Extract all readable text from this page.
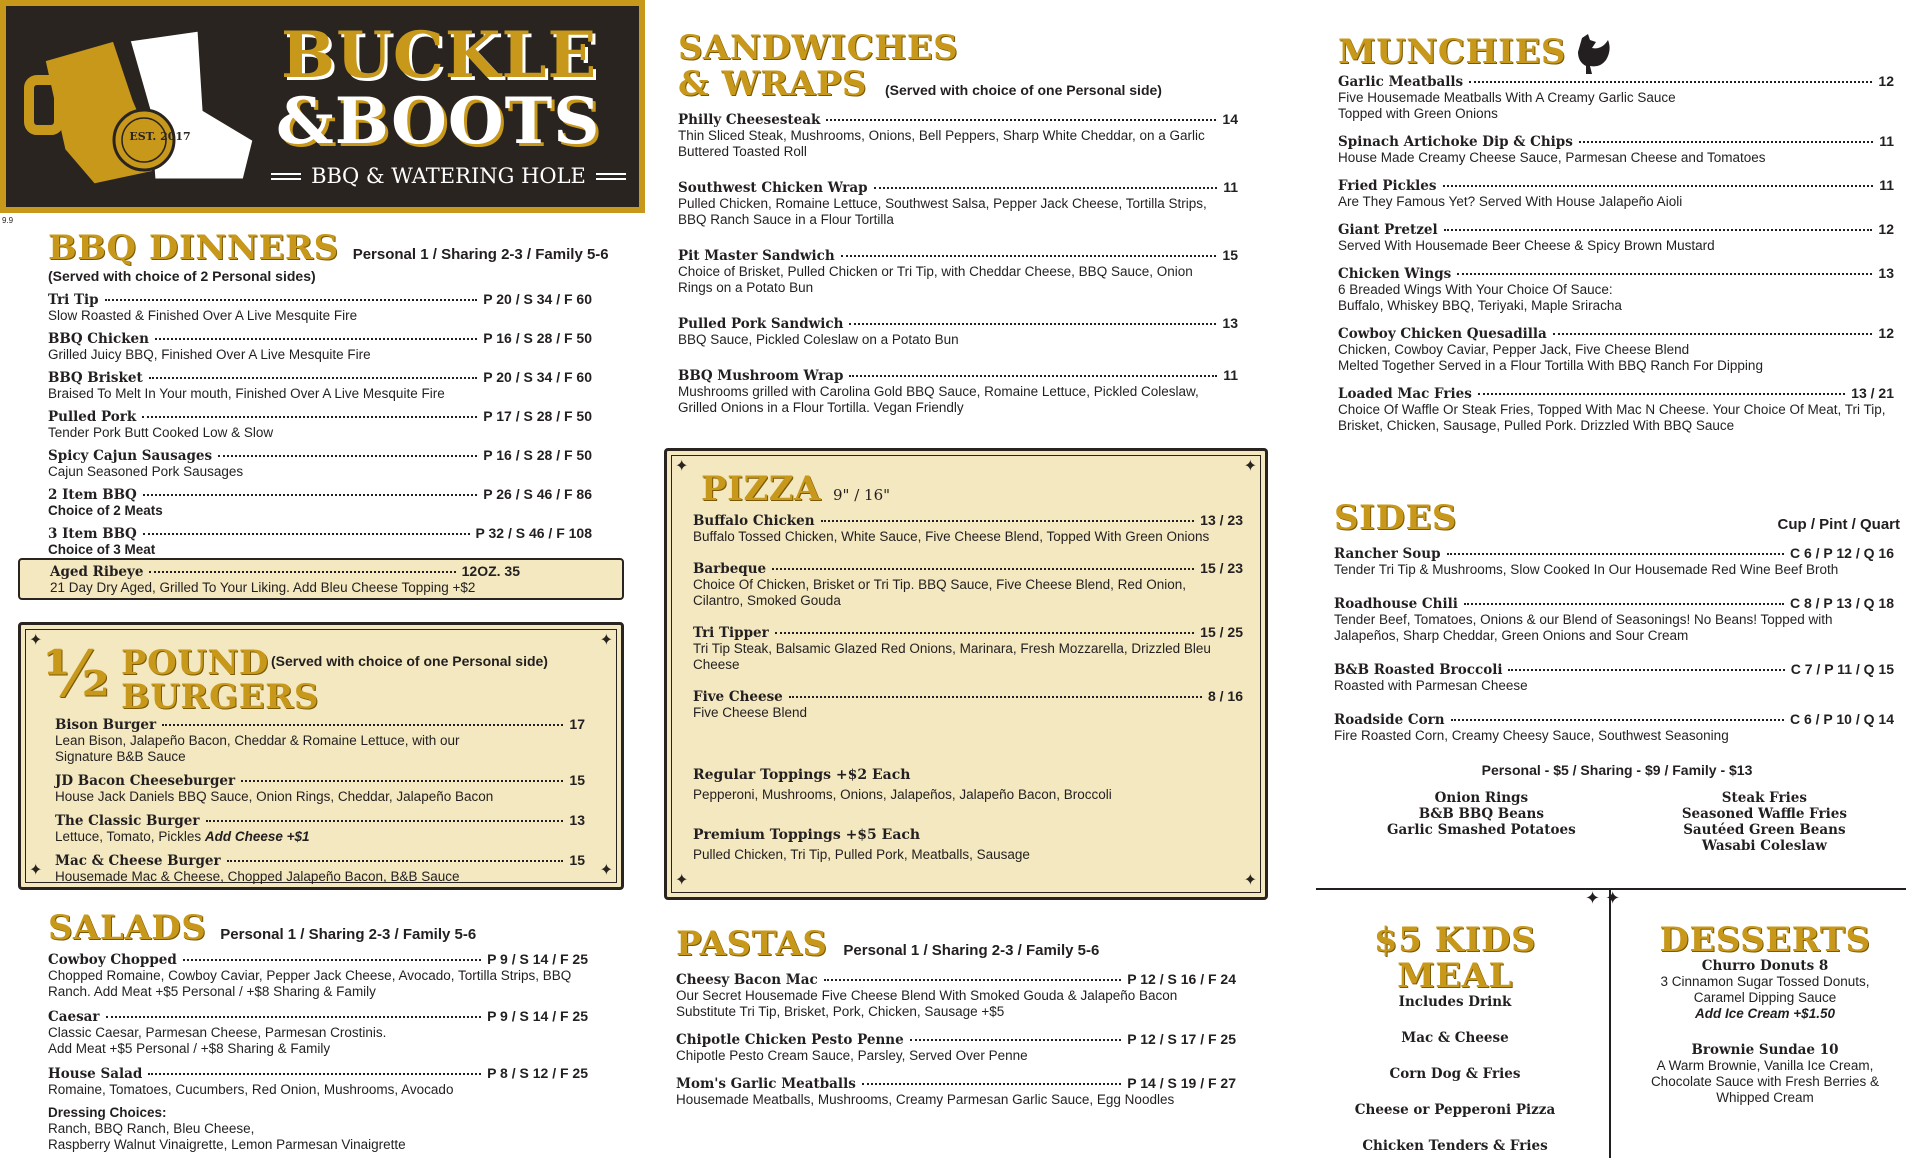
EST. 2017
BUCKLE
&BOOTS
BBQ & WATERING HOLE
9.9
BBQ DINNERS Personal 1 / Sharing 2-3 / Family 5-6
(Served with choice of 2 Personal sides)
Tri Tip	P 20 / S 34 / F 60
Slow Roasted & Finished Over A Live Mesquite Fire
BBQ Chicken	P 16 / S 28 / F 50
Grilled Juicy BBQ, Finished Over A Live Mesquite Fire
BBQ Brisket	P 20 / S 34 / F 60
Braised To Melt In Your mouth, Finished Over A Live Mesquite Fire
Pulled Pork	P 17 / S 28 / F 50
Tender Pork Butt Cooked Low & Slow
Spicy Cajun Sausages	P 16 / S 28 / F 50
Cajun Seasoned Pork Sausages
2 Item BBQ	P 26 / S 46 / F 86
Choice of 2 Meats
3 Item BBQ	P 32 / S 46 / F 108
Choice of 3 Meat
Aged Ribeye	12OZ. 35
21 Day Dry Aged, Grilled To Your Liking. Add Bleu Cheese Topping +$2
✦	✦
✦	✦
½ POUND
BURGERS
(Served with choice of one Personal side)
Bison Burger	17
Lean Bison, Jalapeño Bacon, Cheddar & Romaine Lettuce, with our Signature B&B Sauce
JD Bacon Cheeseburger	15
House Jack Daniels BBQ Sauce, Onion Rings, Cheddar, Jalapeño Bacon
The Classic Burger	13
Lettuce, Tomato, Pickles Add Cheese +$1
Mac & Cheese Burger	15
Housemade Mac & Cheese, Chopped Jalapeño Bacon, B&B Sauce
SALADS Personal 1 / Sharing 2-3 / Family 5-6
Cowboy Chopped	P 9 / S 14 / F 25
Chopped Romaine, Cowboy Caviar, Pepper Jack Cheese, Avocado, Tortilla Strips, BBQ Ranch. Add Meat +$5 Personal / +$8 Sharing & Family
Caesar	P 9 / S 14 / F 25
Classic Caesar, Parmesan Cheese, Parmesan Crostinis.
Add Meat +$5 Personal / +$8 Sharing & Family
House Salad	P 8 / S 12 / F 25
Romaine, Tomatoes, Cucumbers, Red Onion, Mushrooms, Avocado
Dressing Choices:
Ranch, BBQ Ranch, Bleu Cheese,
Raspberry Walnut Vinaigrette, Lemon Parmesan Vinaigrette
SANDWICHES
& WRAPS (Served with choice of one Personal side)
Philly Cheesesteak	14
Thin Sliced Steak, Mushrooms, Onions, Bell Peppers, Sharp White Cheddar, on a Garlic Buttered Toasted Roll
Southwest Chicken Wrap	11
Pulled Chicken, Romaine Lettuce, Southwest Salsa, Pepper Jack Cheese, Tortilla Strips, BBQ Ranch Sauce in a Flour Tortilla
Pit Master Sandwich	15
Choice of Brisket, Pulled Chicken or Tri Tip, with Cheddar Cheese, BBQ Sauce, Onion Rings on a Potato Bun
Pulled Pork Sandwich	13
BBQ Sauce, Pickled Coleslaw on a Potato Bun
BBQ Mushroom Wrap	11
Mushrooms grilled with Carolina Gold BBQ Sauce, Romaine Lettuce, Pickled Coleslaw, Grilled Onions in a Flour Tortilla. Vegan Friendly
✦	✦
✦	✦
PIZZA 9" / 16"
Buffalo Chicken	13 / 23
Buffalo Tossed Chicken, White Sauce, Five Cheese Blend, Topped With Green Onions
Barbeque	15 / 23
Choice Of Chicken, Brisket or Tri Tip. BBQ Sauce, Five Cheese Blend, Red Onion, Cilantro, Smoked Gouda
Tri Tipper	15 / 25
Tri Tip Steak, Balsamic Glazed Red Onions, Marinara, Fresh Mozzarella, Drizzled Bleu Cheese
Five Cheese	8 / 16
Five Cheese Blend
Regular Toppings +$2 Each
Pepperoni, Mushrooms, Onions, Jalapeños, Jalapeño Bacon, Broccoli
Premium Toppings +$5 Each
Pulled Chicken, Tri Tip, Pulled Pork, Meatballs, Sausage
PASTAS Personal 1 / Sharing 2-3 / Family 5-6
Cheesy Bacon Mac	P 12 / S 16 / F 24
Our Secret Housemade Five Cheese Blend With Smoked Gouda & Jalapeño Bacon Substitute Tri Tip, Brisket, Pork, Chicken, Sausage +$5
Chipotle Chicken Pesto Penne	P 12 / S 17 / F 25
Chipotle Pesto Cream Sauce, Parsley, Served Over Penne
Mom's Garlic Meatballs	P 14 / S 19 / F 27
Housemade Meatballs, Mushrooms, Creamy Parmesan Garlic Sauce, Egg Noodles
MUNCHIES
Garlic Meatballs	12
Five Housemade Meatballs With A Creamy Garlic Sauce
Topped with Green Onions
Spinach Artichoke Dip & Chips	11
House Made Creamy Cheese Sauce, Parmesan Cheese and Tomatoes
Fried Pickles	11
Are They Famous Yet? Served With House Jalapeño Aioli
Giant Pretzel	12
Served With Housemade Beer Cheese & Spicy Brown Mustard
Chicken Wings	13
6 Breaded Wings With Your Choice Of Sauce:
Buffalo, Whiskey BBQ, Teriyaki, Maple Sriracha
Cowboy Chicken Quesadilla	12
Chicken, Cowboy Caviar, Pepper Jack, Five Cheese Blend
Melted Together Served in a Flour Tortilla With BBQ Ranch For Dipping
Loaded Mac Fries	13 / 21
Choice Of Waffle Or Steak Fries, Topped With Mac N Cheese. Your Choice Of Meat, Tri Tip, Brisket, Chicken, Sausage, Pulled Pork. Drizzled With BBQ Sauce
SIDES	Cup / Pint / Quart
Rancher Soup	C 6 / P 12 / Q 16
Tender Tri Tip & Mushrooms, Slow Cooked In Our Housemade Red Wine Beef Broth
Roadhouse Chili	C 8 / P 13 / Q 18
Tender Beef, Tomatoes, Onions & our Blend of Seasonings! No Beans! Topped with Jalapeños, Sharp Cheddar, Green Onions and Sour Cream
B&B Roasted Broccoli	C 7 / P 11 / Q 15
Roasted with Parmesan Cheese
Roadside Corn	C 6 / P 10 / Q 14
Fire Roasted Corn, Creamy Cheesy Sauce, Southwest Seasoning
Personal - $5 / Sharing - $9 / Family - $13
Onion Rings
B&B BBQ Beans
Garlic Smashed Potatoes
Steak Fries
Seasoned Waffle Fries
Sautéed Green Beans
Wasabi Coleslaw
✦ ✦
$5 KIDS MEAL
Includes Drink
Mac & Cheese
Corn Dog & Fries
Cheese or Pepperoni Pizza
Chicken Tenders & Fries
DESSERTS
Churro Donuts 8
3 Cinnamon Sugar Tossed Donuts, Caramel Dipping Sauce
Add Ice Cream +$1.50
Brownie Sundae 10
A Warm Brownie, Vanilla Ice Cream, Chocolate Sauce with Fresh Berries & Whipped Cream
